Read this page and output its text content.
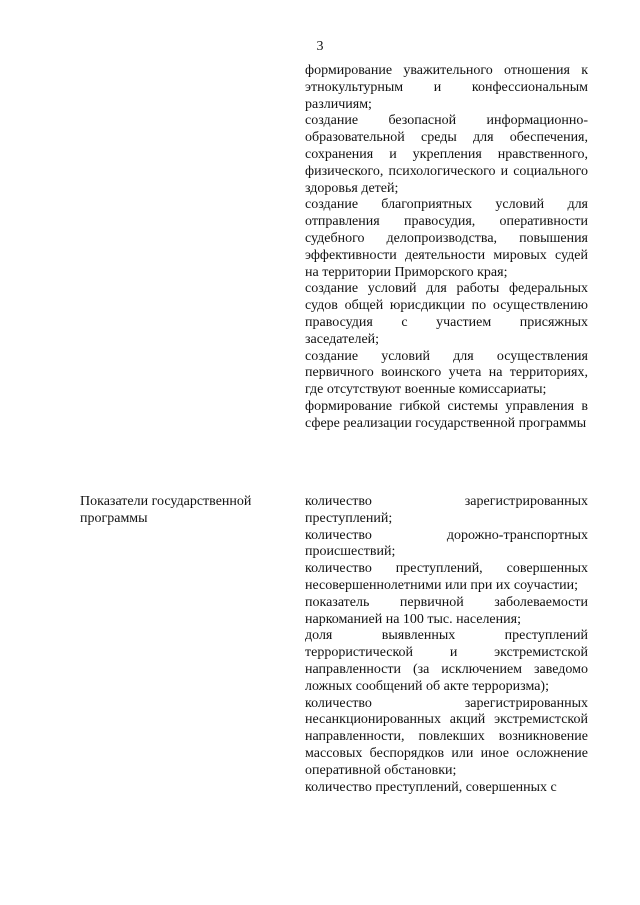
3

формирование уважительного отношения к этнокультурным и конфессиональным различиям;

создание безопасной информационно-образовательной среды для обеспечения, сохранения и укрепления нравственного, физического, психологического и социального здоровья детей;

создание благоприятных условий для отправления правосудия, оперативности судебного делопроизводства, повышения эффективности деятельности мировых судей на территории Приморского края;

создание условий для работы федеральных судов общей юрисдикции по осуществлению правосудия с участием присяжных заседателей;

создание условий для осуществления первичного воинского учета на территориях, где отсутствуют военные комиссариаты;

формирование гибкой системы управления в сфере реализации государственной программы

Показатели государственной программы

количество зарегистрированных преступлений;

количество дорожно-транспортных происшествий;

количество преступлений, совершенных несовершеннолетними или при их соучастии;

показатель первичной заболеваемости наркоманией на 100 тыс. населения;

доля выявленных преступлений террористической и экстремистской направленности (за исключением заведомо ложных сообщений об акте терроризма);

количество зарегистрированных несанкционированных акций экстремистской направленности, повлекших возникновение массовых беспорядков или иное осложнение оперативной обстановки;

количество преступлений, совершенных с
